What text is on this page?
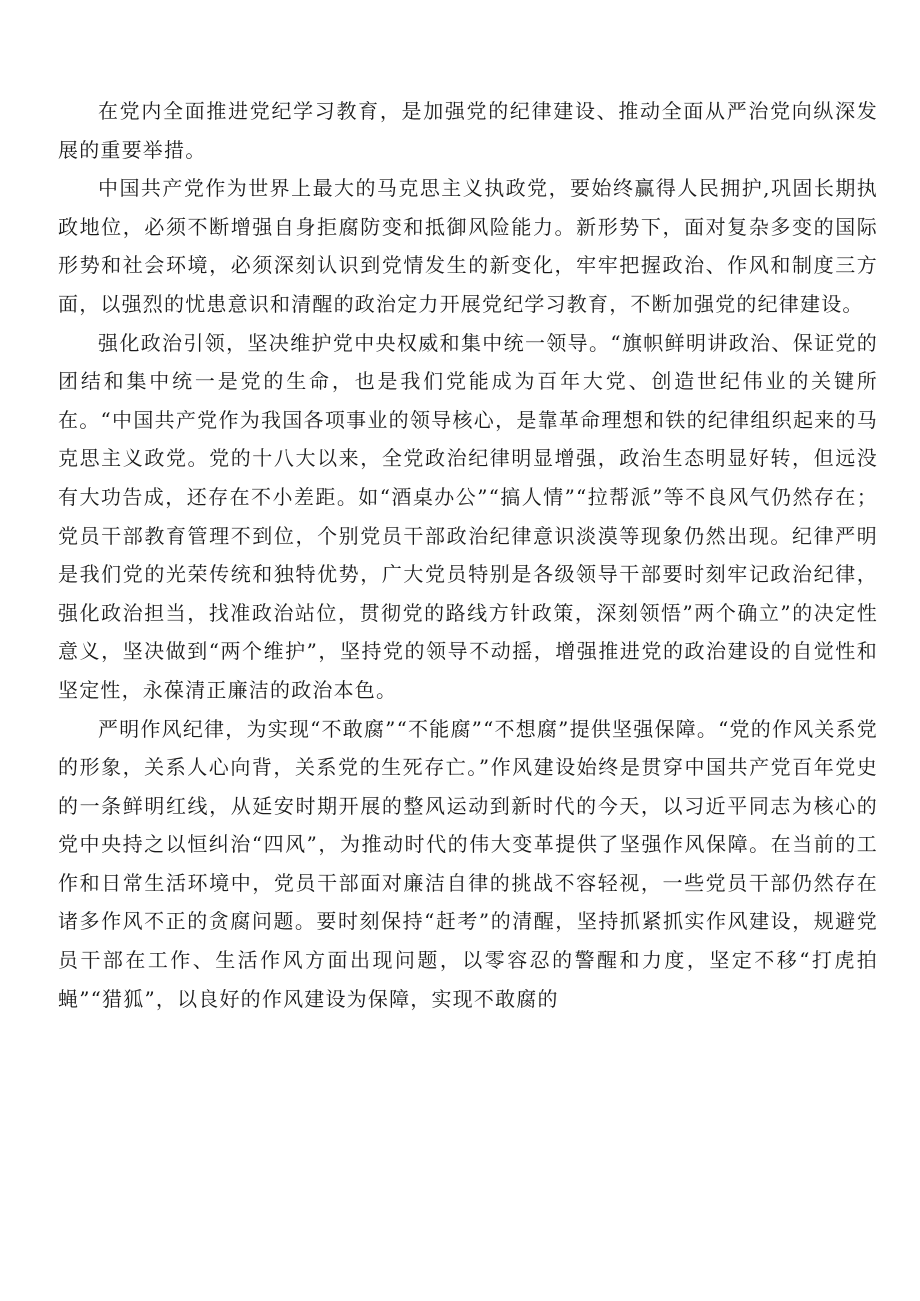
在党内全面推进党纪学习教育，是加强党的纪律建设、推动全面从严治党向纵深发展的重要举措。

中国共产党作为世界上最大的马克思主义执政党，要始终赢得人民拥护,巩固长期执政地位，必须不断增强自身拒腐防变和抵御风险能力。新形势下，面对复杂多变的国际形势和社会环境，必须深刻认识到党情发生的新变化，牢牢把握政治、作风和制度三方面，以强烈的忧患意识和清醒的政治定力开展党纪学习教育，不断加强党的纪律建设。

强化政治引领，坚决维护党中央权威和集中统一领导。“旗帜鲜明讲政治、保证党的团结和集中统一是党的生命，也是我们党能成为百年大党、创造世纪伟业的关键所在。“中国共产党作为我国各项事业的领导核心，是靠革命理想和铁的纪律组织起来的马克思主义政党。党的十八大以来，全党政治纪律明显增强，政治生态明显好转，但远没有大功告成，还存在不小差距。如“酒桌办公”“搞人情”“拉帮派”等不良风气仍然存在；党员干部教育管理不到位，个别党员干部政治纪律意识淡漠等现象仍然出现。纪律严明是我们党的光荣传统和独特优势，广大党员特别是各级领导干部要时刻牢记政治纪律，强化政治担当，找准政治站位，贯彻党的路线方针政策，深刻领悟”两个确立”的决定性意义，坚决做到“两个维护”，坚持党的领导不动摇，增强推进党的政治建设的自觉性和坚定性，永葆清正廉洁的政治本色。

严明作风纪律，为实现“不敢腐”“不能腐”“不想腐”提供坚强保障。“党的作风关系党的形象，关系人心向背，关系党的生死存亡。”作风建设始终是贯穿中国共产党百年党史的一条鲜明红线，从延安时期开展的整风运动到新时代的今天，以习近平同志为核心的党中央持之以恒纠治“四风”，为推动时代的伟大变革提供了坚强作风保障。在当前的工作和日常生活环境中，党员干部面对廉洁自律的挑战不容轻视，一些党员干部仍然存在诸多作风不正的贪腐问题。要时刻保持“赶考”的清醒，坚持抓紧抓实作风建设，规避党员干部在工作、生活作风方面出现问题，以零容忍的警醒和力度，坚定不移“打虎拍蝇”“猎狐”，以良好的作风建设为保障，实现不敢腐的
